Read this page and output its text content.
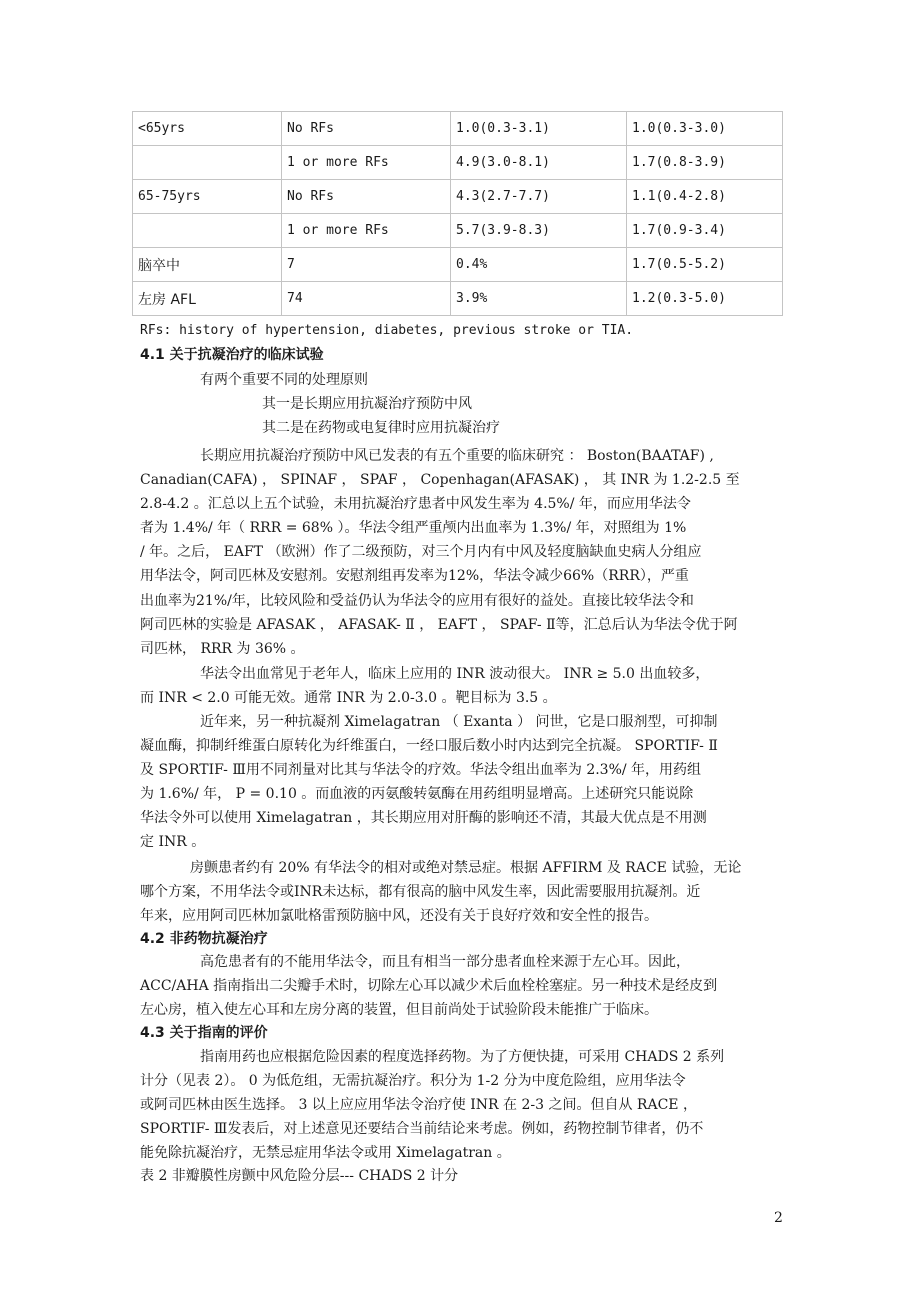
<65yrs	No RFs	1.0(0.3-3.1)	1.0(0.3-3.0)
	1 or more RFs	4.9(3.0-8.1)	1.7(0.8-3.9)
65-75yrs	No RFs	4.3(2.7-7.7)	1.1(0.4-2.8)
	1 or more RFs	5.7(3.9-8.3)	1.7(0.9-3.4)
脑卒中	7	0.4%	1.7(0.5-5.2)
左房 AFL	74	3.9%	1.2(0.3-5.0)
RFs: history of hypertension, diabetes, previous stroke or TIA.
4.1 关于抗凝治疗的临床试验
有两个重要不同的处理原则
其一是长期应用抗凝治疗预防中风
其二是在药物或电复律时应用抗凝治疗
长期应用抗凝治疗预防中风已发表的有五个重要的临床研究 ： Boston(BAATAF) ,
Canadian(CAFA) ， SPINAF ， SPAF ， Copenhagan(AFASAK) ， 其 INR 为 1.2-2.5 至
2.8-4.2 。汇总以上五个试验，未用抗凝治疗患者中风发生率为 4.5%/ 年，而应用华法令
者为 1.4%/ 年（ RRR = 68% ）。华法令组严重颅内出血率为 1.3%/ 年，对照组为 1%
/ 年。之后， EAFT （欧洲）作了二级预防，对三个月内有中风及轻度脑缺血史病人分组应
用华法令，阿司匹林及安慰剂。安慰剂组再发率为12%，华法令减少66%（RRR），严重
出血率为21%/年，比较风险和受益仍认为华法令的应用有很好的益处。直接比较华法令和
阿司匹林的实验是 AFASAK ， AFASAK- Ⅱ ， EAFT ， SPAF- Ⅱ等，汇总后认为华法令优于阿
司匹林， RRR 为 36% 。
华法令出血常见于老年人，临床上应用的 INR 波动很大。 INR ≥ 5.0 出血较多，
而 INR < 2.0 可能无效。通常 INR 为 2.0-3.0 。靶目标为 3.5 。
近年来，另一种抗凝剂 Ximelagatran （ Exanta ） 问世，它是口服剂型，可抑制
凝血酶，抑制纤维蛋白原转化为纤维蛋白，一经口服后数小时内达到完全抗凝。 SPORTIF- Ⅱ
及 SPORTIF- Ⅲ用不同剂量对比其与华法令的疗效。华法令组出血率为 2.3%/ 年，用药组
为 1.6%/ 年， P = 0.10 。而血液的丙氨酸转氨酶在用药组明显增高。上述研究只能说除
华法令外可以使用 Ximelagatran ，其长期应用对肝酶的影响还不清，其最大优点是不用测
定 INR 。
房颤患者约有 20% 有华法令的相对或绝对禁忌症。根据 AFFIRM 及 RACE 试验，无论
哪个方案，不用华法令或INR未达标，都有很高的脑中风发生率，因此需要服用抗凝剂。近
年来，应用阿司匹林加氯吡格雷预防脑中风，还没有关于良好疗效和安全性的报告。
4.2 非药物抗凝治疗
高危患者有的不能用华法令，而且有相当一部分患者血栓来源于左心耳。因此，
ACC/AHA 指南指出二尖瓣手术时，切除左心耳以减少术后血栓栓塞症。另一种技术是经皮到
左心房，植入使左心耳和左房分离的装置，但目前尚处于试验阶段未能推广于临床。
4.3 关于指南的评价
指南用药也应根据危险因素的程度选择药物。为了方便快捷，可采用 CHADS 2 系列
计分（见表 2）。 0 为低危组，无需抗凝治疗。积分为 1-2 分为中度危险组，应用华法令
或阿司匹林由医生选择。 3 以上应应用华法令治疗使 INR 在 2-3 之间。但自从 RACE ，
SPORTIF- Ⅲ发表后，对上述意见还要结合当前结论来考虑。例如，药物控制节律者，仍不
能免除抗凝治疗，无禁忌症用华法令或用 Ximelagatran 。
表 2 非瓣膜性房颤中风危险分层--- CHADS 2 计分
2
